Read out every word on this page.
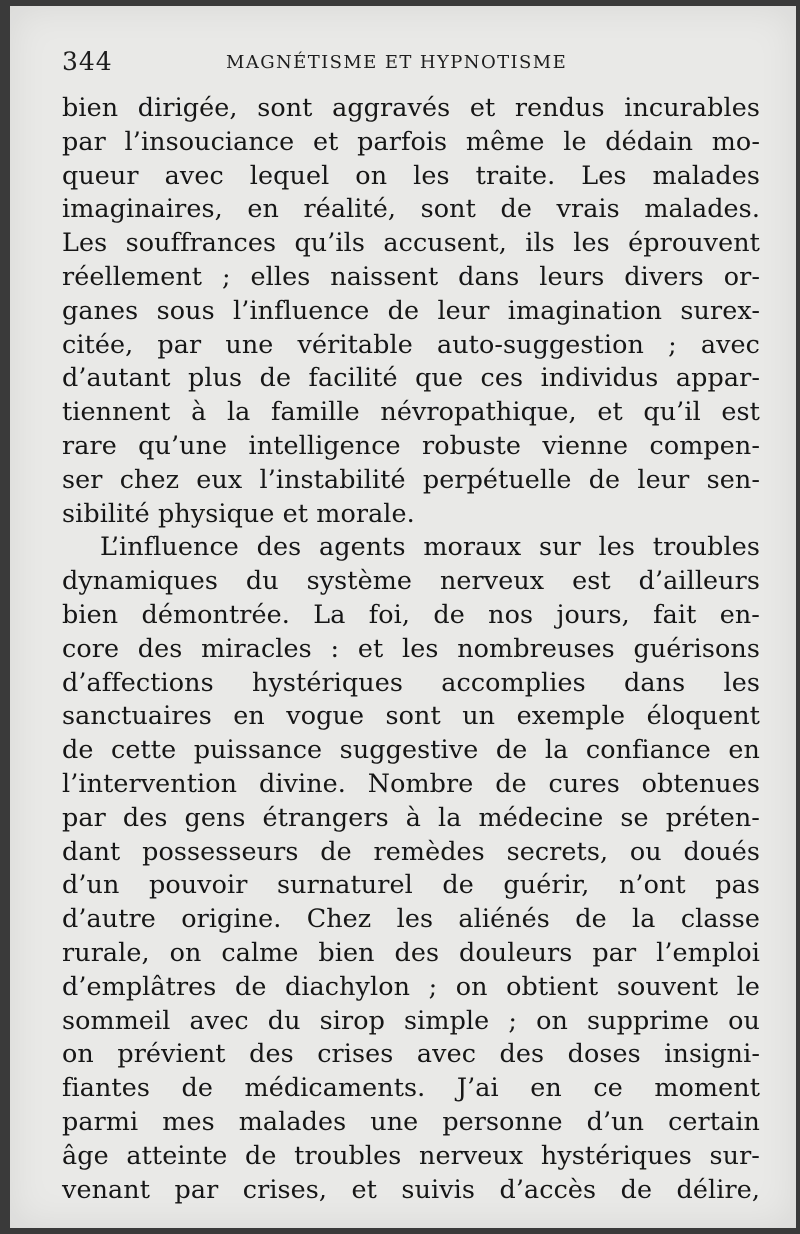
344	MAGNÉTISME ET HYPNOTISME
bien dirigée, sont aggravés et rendus incurables
par l’insouciance et parfois même le dédain mo-
queur avec lequel on les traite. Les malades
imaginaires, en réalité, sont de vrais malades.
Les souffrances qu’ils accusent, ils les éprouvent
réellement ; elles naissent dans leurs divers or-
ganes sous l’influence de leur imagination surex-
citée, par une véritable auto-suggestion ; avec
d’autant plus de facilité que ces individus appar-
tiennent à la famille névropathique, et qu’il est
rare qu’une intelligence robuste vienne compen-
ser chez eux l’instabilité perpétuelle de leur sen-
sibilité physique et morale.
L’influence des agents moraux sur les troubles
dynamiques du système nerveux est d’ailleurs
bien démontrée. La foi, de nos jours, fait en-
core des miracles : et les nombreuses guérisons
d’affections hystériques accomplies dans les
sanctuaires en vogue sont un exemple éloquent
de cette puissance suggestive de la confiance en
l’intervention divine. Nombre de cures obtenues
par des gens étrangers à la médecine se préten-
dant possesseurs de remèdes secrets, ou doués
d’un pouvoir surnaturel de guérir, n’ont pas
d’autre origine. Chez les aliénés de la classe
rurale, on calme bien des douleurs par l’emploi
d’emplâtres de diachylon ; on obtient souvent le
sommeil avec du sirop simple ; on supprime ou
on prévient des crises avec des doses insigni-
fiantes de médicaments. J’ai en ce moment
parmi mes malades une personne d’un certain
âge atteinte de troubles nerveux hystériques sur-
venant par crises, et suivis d’accès de délire,
